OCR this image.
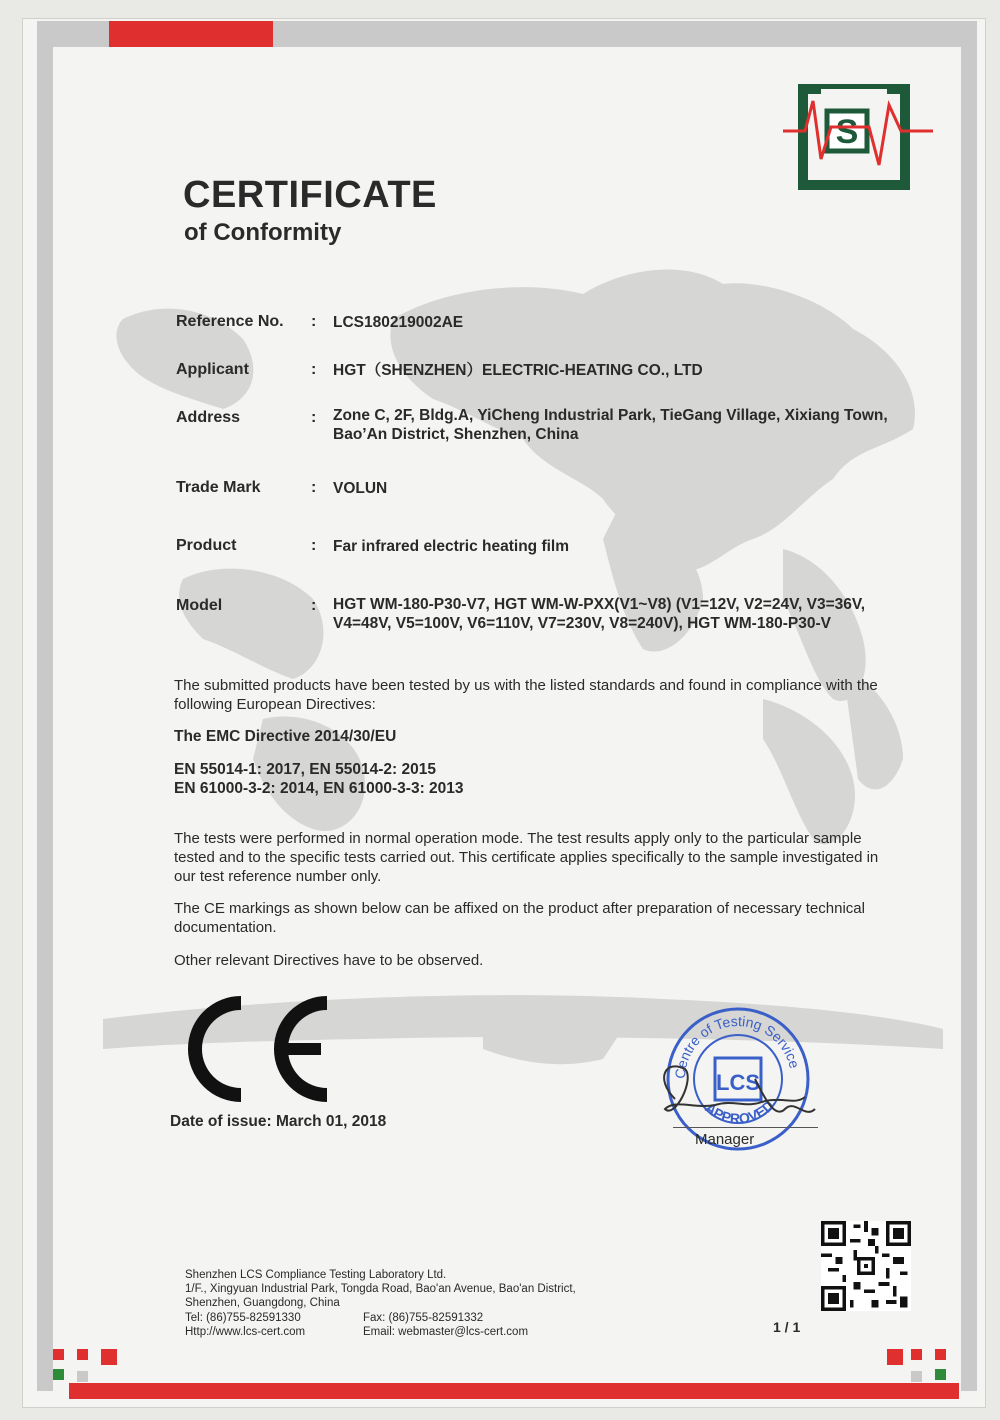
S
CERTIFICATE
of Conformity
Reference No. : LCS180219002AE
Applicant	: HGT（SHENZHEN）ELECTRIC-HEATING CO., LTD
Address	: Zone C, 2F, Bldg.A, YiCheng Industrial Park, TieGang Village, Xixiang Town, Bao’An District, Shenzhen, China
Trade Mark	: VOLUN
Product	: Far infrared electric heating film
Model	: HGT WM-180-P30-V7, HGT WM-W-PXX(V1~V8) (V1=12V, V2=24V, V3=36V, V4=48V, V5=100V, V6=110V, V7=230V, V8=240V), HGT WM-180-P30-V
The submitted products have been tested by us with the listed standards and found in compliance with the following European Directives:
The EMC Directive 2014/30/EU
EN 55014-1: 2017, EN 55014-2: 2015
EN 61000-3-2: 2014, EN 61000-3-3: 2013
The tests were performed in normal operation mode. The test results apply only to the particular sample tested and to the specific tests carried out. This certificate applies specifically to the sample investigated in our test reference number only.
The CE markings as shown below can be affixed on the product after preparation of necessary technical documentation.
Other relevant Directives have to be observed.
Date of issue: March 01, 2018
LCS
Centre of Testing Service
APPROVED
Manager
Shenzhen LCS Compliance Testing Laboratory Ltd.
1/F., Xingyuan Industrial Park, Tongda Road, Bao'an Avenue, Bao'an District,
Shenzhen, Guangdong, China
Tel: (86)755-82591330	Fax: (86)755-82591332
Http://www.lcs-cert.com	Email: webmaster@lcs-cert.com	1 / 1
